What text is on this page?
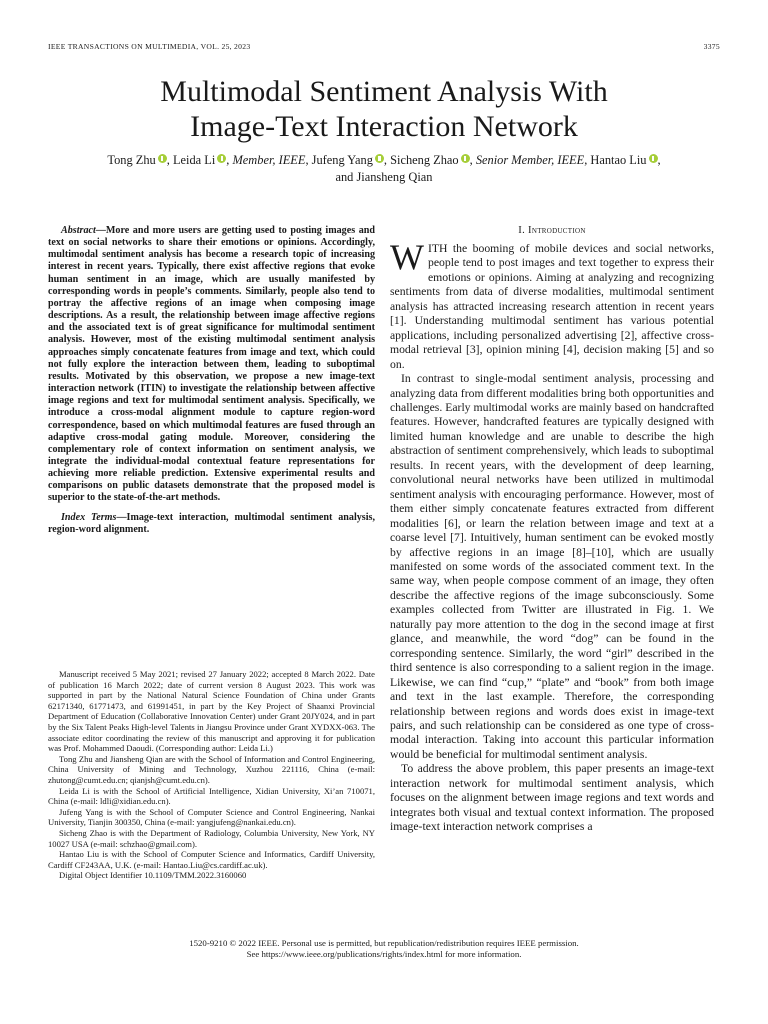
IEEE TRANSACTIONS ON MULTIMEDIA, VOL. 25, 2023	3375
Multimodal Sentiment Analysis With
Image-Text Interaction Network
Tong Zhu , Leida Li , Member, IEEE, Jufeng Yang , Sicheng Zhao , Senior Member, IEEE, Hantao Liu ,
and Jiansheng Qian

Abstract—More and more users are getting used to posting images and text on social networks to share their emotions or opinions. Accordingly, multimodal sentiment analysis has become a research topic of increasing interest in recent years. Typically, there exist affective regions that evoke human sentiment in an image, which are usually manifested by corresponding words in people’s comments. Similarly, people also tend to portray the affective regions of an image when composing image descriptions. As a result, the relationship between image affective regions and the associated text is of great significance for multimodal sentiment analysis. However, most of the existing multimodal sentiment analysis approaches simply concatenate features from image and text, which could not fully explore the interaction between them, leading to suboptimal results. Motivated by this observation, we propose a new image-text interaction network (ITIN) to investigate the relationship between affective image regions and text for multimodal sentiment analysis. Specifically, we introduce a cross-modal alignment module to capture region-word correspondence, based on which multimodal features are fused through an adaptive cross-modal gating module. Moreover, considering the complementary role of context information on sentiment analysis, we integrate the individual-modal contextual feature representations for achieving more reliable prediction. Extensive experimental results and comparisons on public datasets demonstrate that the proposed model is superior to the state-of-the-art methods.

Index Terms—Image-text interaction, multimodal sentiment analysis, region-word alignment.

Manuscript received 5 May 2021; revised 27 January 2022; accepted 8 March 2022. Date of publication 16 March 2022; date of current version 8 August 2023. This work was supported in part by the National Natural Science Foundation of China under Grants 62171340, 61771473, and 61991451, in part by the Key Project of Shaanxi Provincial Department of Education (Collaborative Innovation Center) under Grant 20JY024, and in part by the Six Talent Peaks High-level Talents in Jiangsu Province under Grant XYDXX-063. The associate editor coordinating the review of this manuscript and approving it for publication was Prof. Mohammed Daoudi. (Corresponding author: Leida Li.)

Tong Zhu and Jiansheng Qian are with the School of Information and Control Engineering, China University of Mining and Technology, Xuzhou 221116, China (e-mail: zhutong@cumt.edu.cn; qianjsh@cumt.edu.cn).

Leida Li is with the School of Artificial Intelligence, Xidian University, Xi’an 710071, China (e-mail: ldli@xidian.edu.cn).

Jufeng Yang is with the School of Computer Science and Control Engineering, Nankai University, Tianjin 300350, China (e-mail: yangjufeng@nankai.edu.cn).

Sicheng Zhao is with the Department of Radiology, Columbia University, New York, NY 10027 USA (e-mail: schzhao@gmail.com).

Hantao Liu is with the School of Computer Science and Informatics, Cardiff University, Cardiff CF243AA, U.K. (e-mail: Hantao.Liu@cs.cardiff.ac.uk).

Digital Object Identifier 10.1109/TMM.2022.3160060

I. Introduction

WITH the booming of mobile devices and social networks, people tend to post images and text together to express their emotions or opinions. Aiming at analyzing and recognizing sentiments from data of diverse modalities, multimodal sentiment analysis has attracted increasing research attention in recent years [1]. Understanding multimodal sentiment has various potential applications, including personalized advertising [2], affective cross-modal retrieval [3], opinion mining [4], decision making [5] and so on.

In contrast to single-modal sentiment analysis, processing and analyzing data from different modalities bring both opportunities and challenges. Early multimodal works are mainly based on handcrafted features. However, handcrafted features are typically designed with limited human knowledge and are unable to describe the high abstraction of sentiment comprehensively, which leads to suboptimal results. In recent years, with the development of deep learning, convolutional neural networks have been utilized in multimodal sentiment analysis with encouraging performance. However, most of them either simply concatenate features extracted from different modalities [6], or learn the relation between image and text at a coarse level [7]. Intuitively, human sentiment can be evoked mostly by affective regions in an image [8]–[10], which are usually manifested on some words of the associated comment text. In the same way, when people compose comment of an image, they often describe the affective regions of the image subconsciously. Some examples collected from Twitter are illustrated in Fig. 1. We naturally pay more attention to the dog in the second image at first glance, and meanwhile, the word “dog” can be found in the corresponding sentence. Similarly, the word “girl” described in the third sentence is also corresponding to a salient region in the image. Likewise, we can find “cup,” “plate” and “book” from both image and text in the last example. Therefore, the corresponding relationship between regions and words does exist in image-text pairs, and such relationship can be considered as one type of cross-modal interaction. Taking into account this particular information would be beneficial for multimodal sentiment analysis.

To address the above problem, this paper presents an image-text interaction network for multimodal sentiment analysis, which focuses on the alignment between image regions and text words and integrates both visual and textual context information. The proposed image-text interaction network comprises a

1520-9210 © 2022 IEEE. Personal use is permitted, but republication/redistribution requires IEEE permission.
See https://www.ieee.org/publications/rights/index.html for more information.
